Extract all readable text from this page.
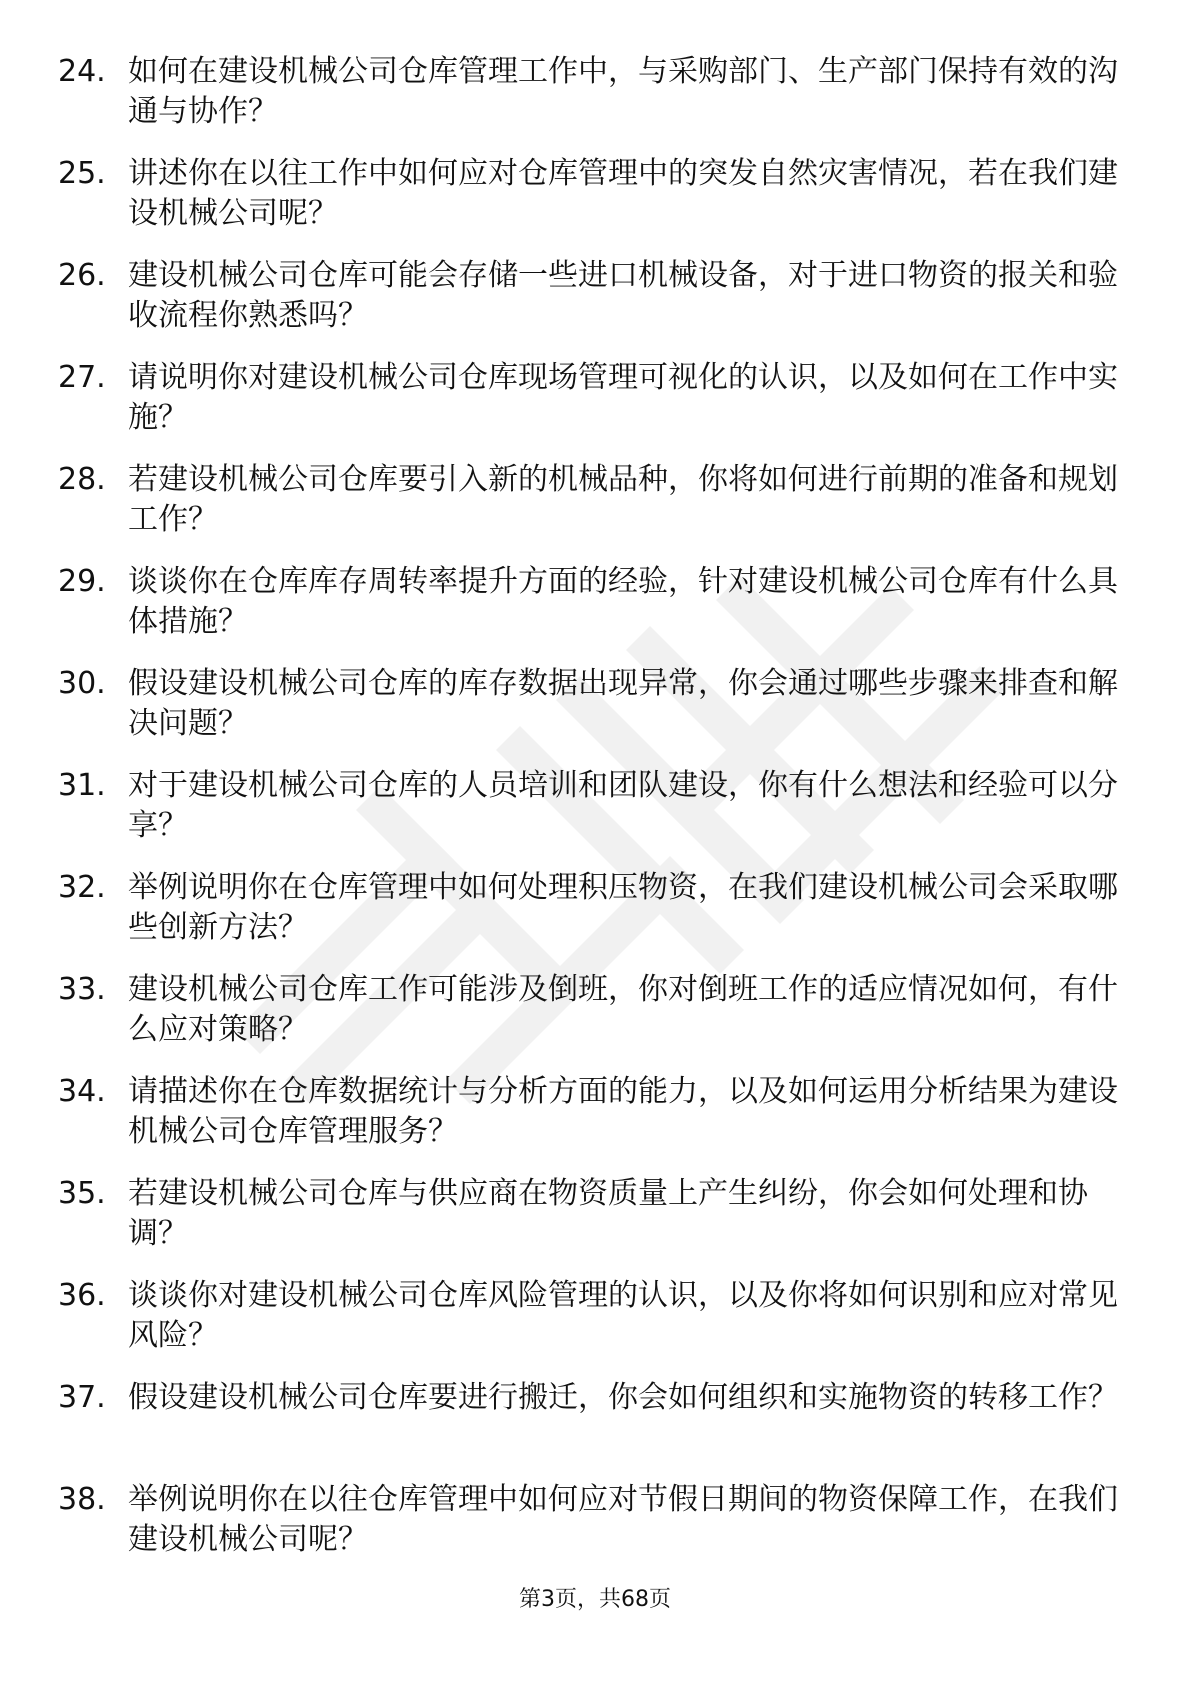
24. 如何在建设机械公司仓库管理工作中，与采购部门、生产部门保持有效的沟通与协作？
25. 讲述你在以往工作中如何应对仓库管理中的突发自然灾害情况，若在我们建设机械公司呢？
26. 建设机械公司仓库可能会存储一些进口机械设备，对于进口物资的报关和验收流程你熟悉吗？
27. 请说明你对建设机械公司仓库现场管理可视化的认识，以及如何在工作中实施？
28. 若建设机械公司仓库要引入新的机械品种，你将如何进行前期的准备和规划工作？
29. 谈谈你在仓库库存周转率提升方面的经验，针对建设机械公司仓库有什么具体措施？
30. 假设建设机械公司仓库的库存数据出现异常，你会通过哪些步骤来排查和解决问题？
31. 对于建设机械公司仓库的人员培训和团队建设，你有什么想法和经验可以分享？
32. 举例说明你在仓库管理中如何处理积压物资，在我们建设机械公司会采取哪些创新方法？
33. 建设机械公司仓库工作可能涉及倒班，你对倒班工作的适应情况如何，有什么应对策略？
34. 请描述你在仓库数据统计与分析方面的能力，以及如何运用分析结果为建设机械公司仓库管理服务？
35. 若建设机械公司仓库与供应商在物资质量上产生纠纷，你会如何处理和协调？
36. 谈谈你对建设机械公司仓库风险管理的认识，以及你将如何识别和应对常见风险？
37. 假设建设机械公司仓库要进行搬迁，你会如何组织和实施物资的转移工作？
38. 举例说明你在以往仓库管理中如何应对节假日期间的物资保障工作，在我们建设机械公司呢？
第3页，共68页
